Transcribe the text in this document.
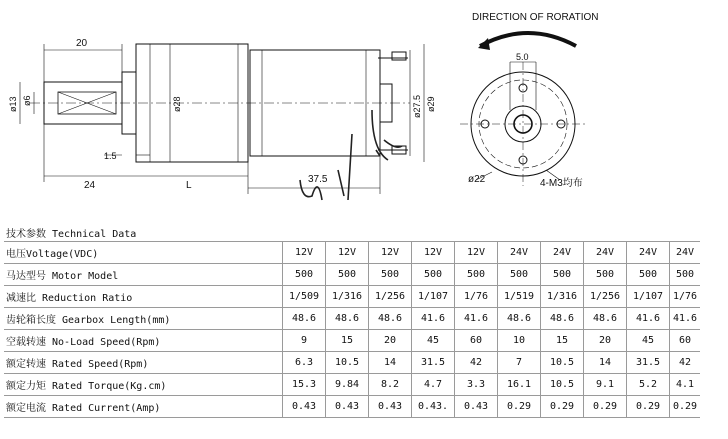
20
ø6
ø13	ø28
1.5
24	L
37.5
ø27.5 ø29
DIRECTION OF RORATION
5.0
ø22	4-M3均布
技术参数 Technical Data
电压Voltage(VDC)	12V	12V	12V	12V	12V	24V	24V	24V	24V	24V
马达型号 Motor Model	500	500	500	500	500	500	500	500	500	500
减速比 Reduction Ratio	1/509	1/316	1/256	1/107	1/76	1/519	1/316	1/256	1/107	1/76
齿轮箱长度 Gearbox Length(mm)	48.6	48.6	48.6	41.6	41.6	48.6	48.6	48.6	41.6	41.6
空载转速 No-Load Speed(Rpm)	9	15	20	45	60	10	15	20	45	60
额定转速 Rated Speed(Rpm)	6.3	10.5	14	31.5	42	7	10.5	14	31.5	42
额定力矩 Rated Torque(Kg.cm)	15.3	9.84	8.2	4.7	3.3	16.1	10.5	9.1	5.2	4.1
额定电流 Rated Current(Amp)	0.43	0.43	0.43	0.43.	0.43	0.29	0.29	0.29	0.29	0.29
